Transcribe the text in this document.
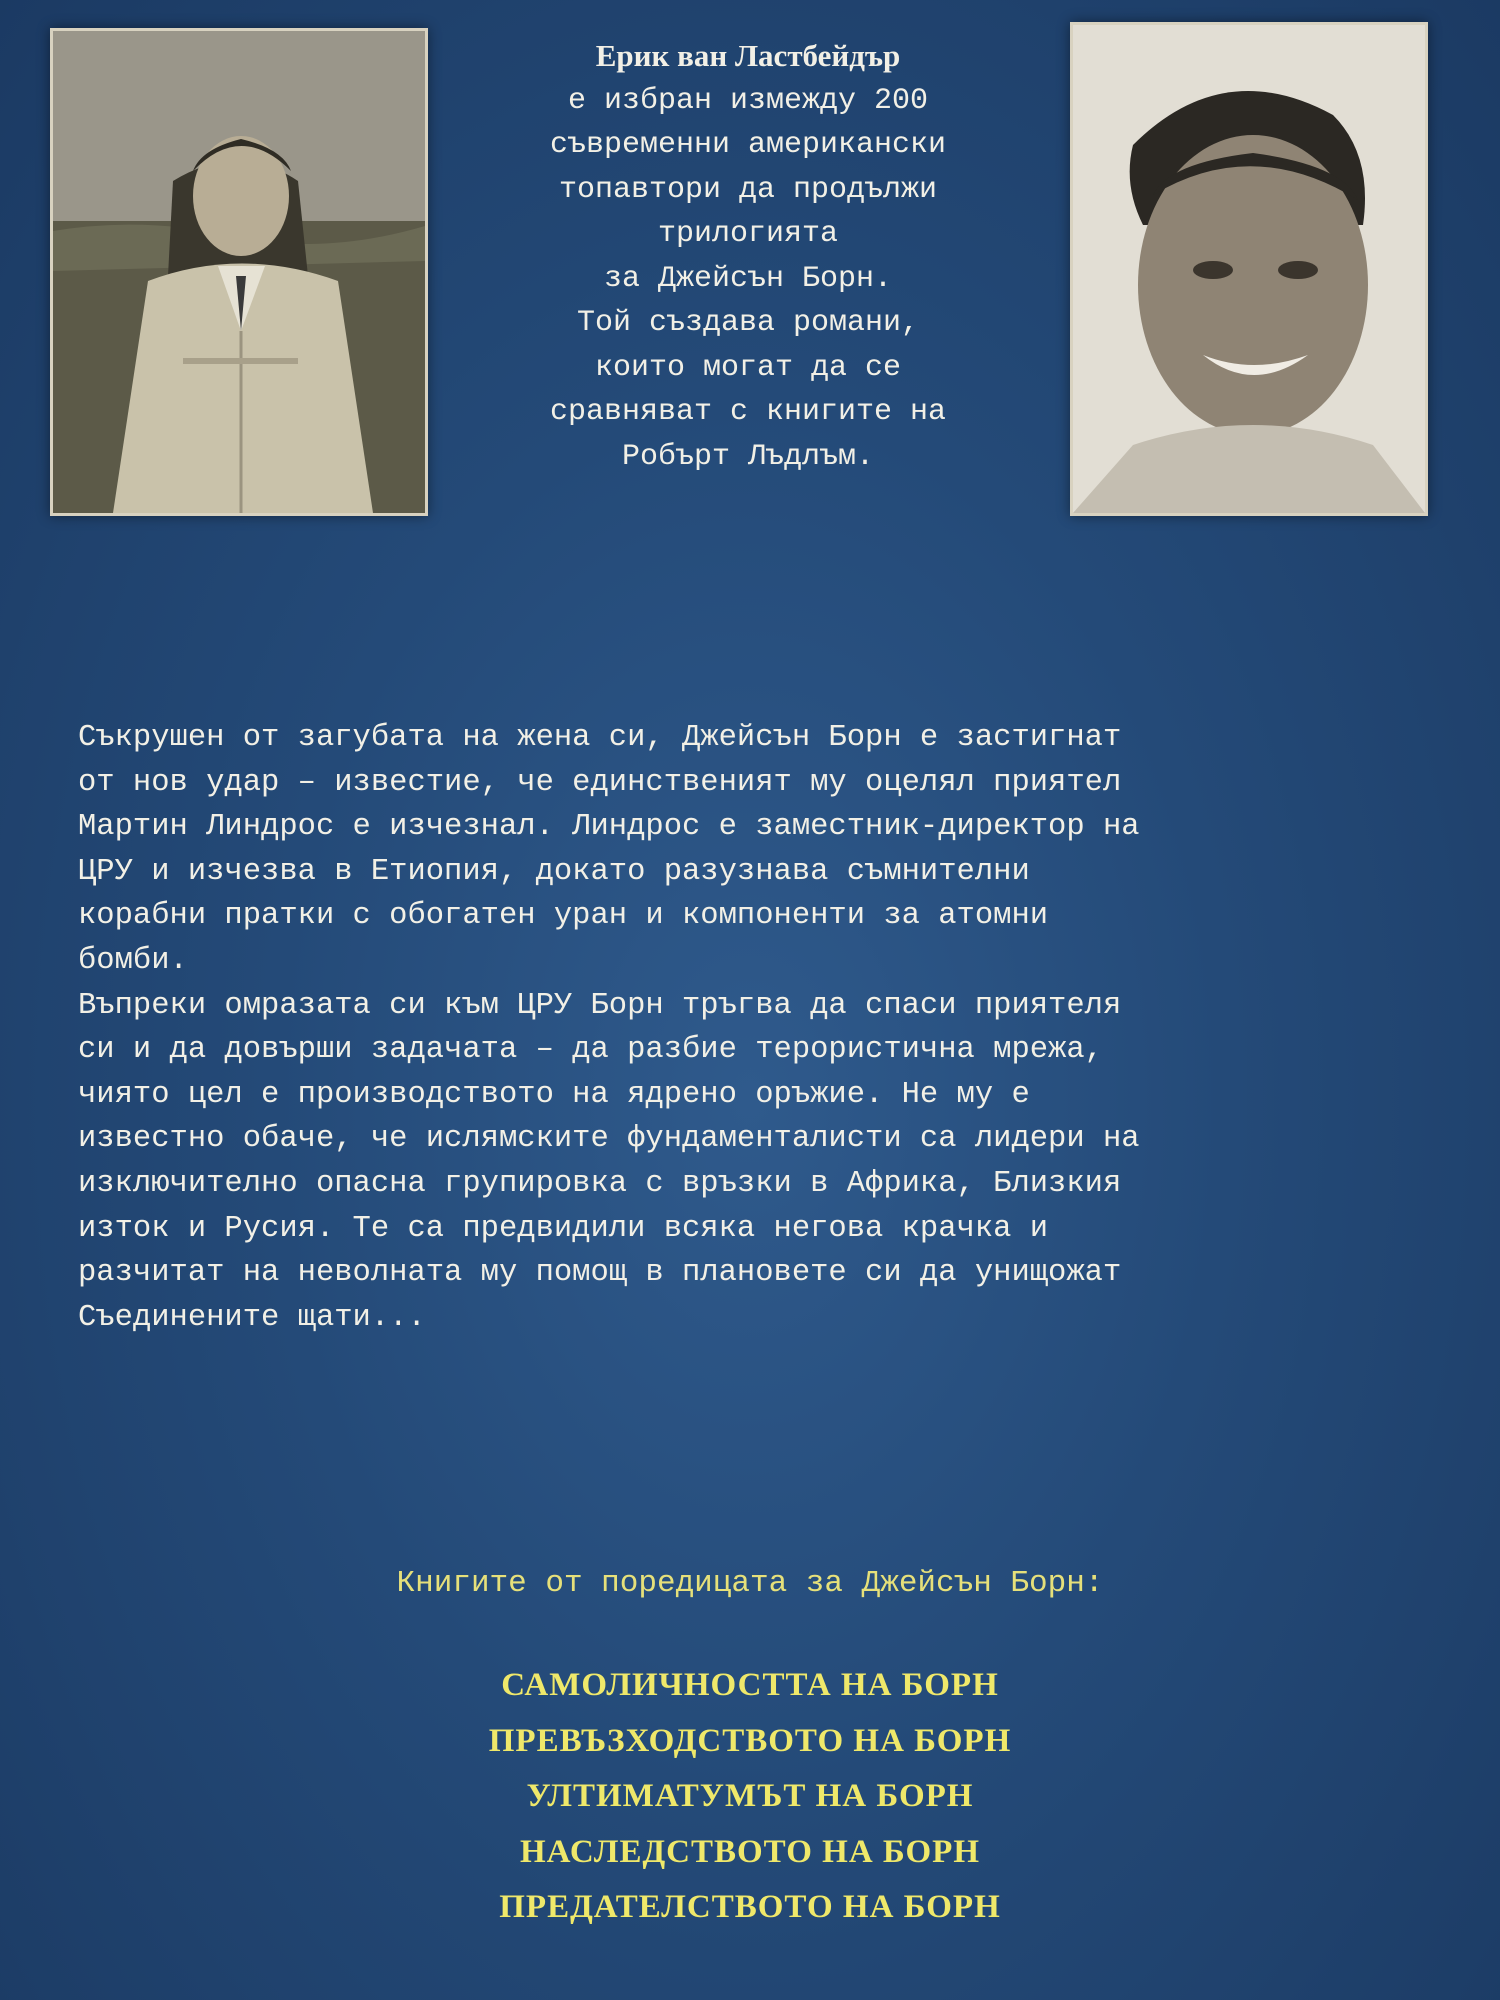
Ерик ван Ластбейдър
е избран измежду 200
съвременни американски
топавтори да продължи
трилогията
за Джейсън Борн.
Той създава романи,
които могат да се
сравняват с книгите на
Робърт Лъдлъм.
Съкрушен от загубата на жена си, Джейсън Борн е застигнат
от нов удар – известие, че единственият му оцелял приятел
Мартин Линдрос е изчезнал. Линдрос е заместник-директор на
ЦРУ и изчезва в Етиопия, докато разузнава съмнителни
корабни пратки с обогатен уран и компоненти за атомни
бомби.
Въпреки омразата си към ЦРУ Борн тръгва да спаси приятеля
си и да довърши задачата – да разбие терористична мрежа,
чиято цел е производството на ядрено оръжие. Не му е
известно обаче, че ислямските фундаменталисти са лидери на
изключително опасна групировка с връзки в Африка, Близкия
изток и Русия. Те са предвидили всяка негова крачка и
разчитат на неволната му помощ в плановете си да унищожат
Съединените щати...
Книгите от поредицата за Джейсън Борн:
САМОЛИЧНОСТТА НА БОРН
ПРЕВЪЗХОДСТВОТО НА БОРН
УЛТИМАТУМЪТ НА БОРН
НАСЛЕДСТВОТО НА БОРН
ПРЕДАТЕЛСТВОТО НА БОРН
